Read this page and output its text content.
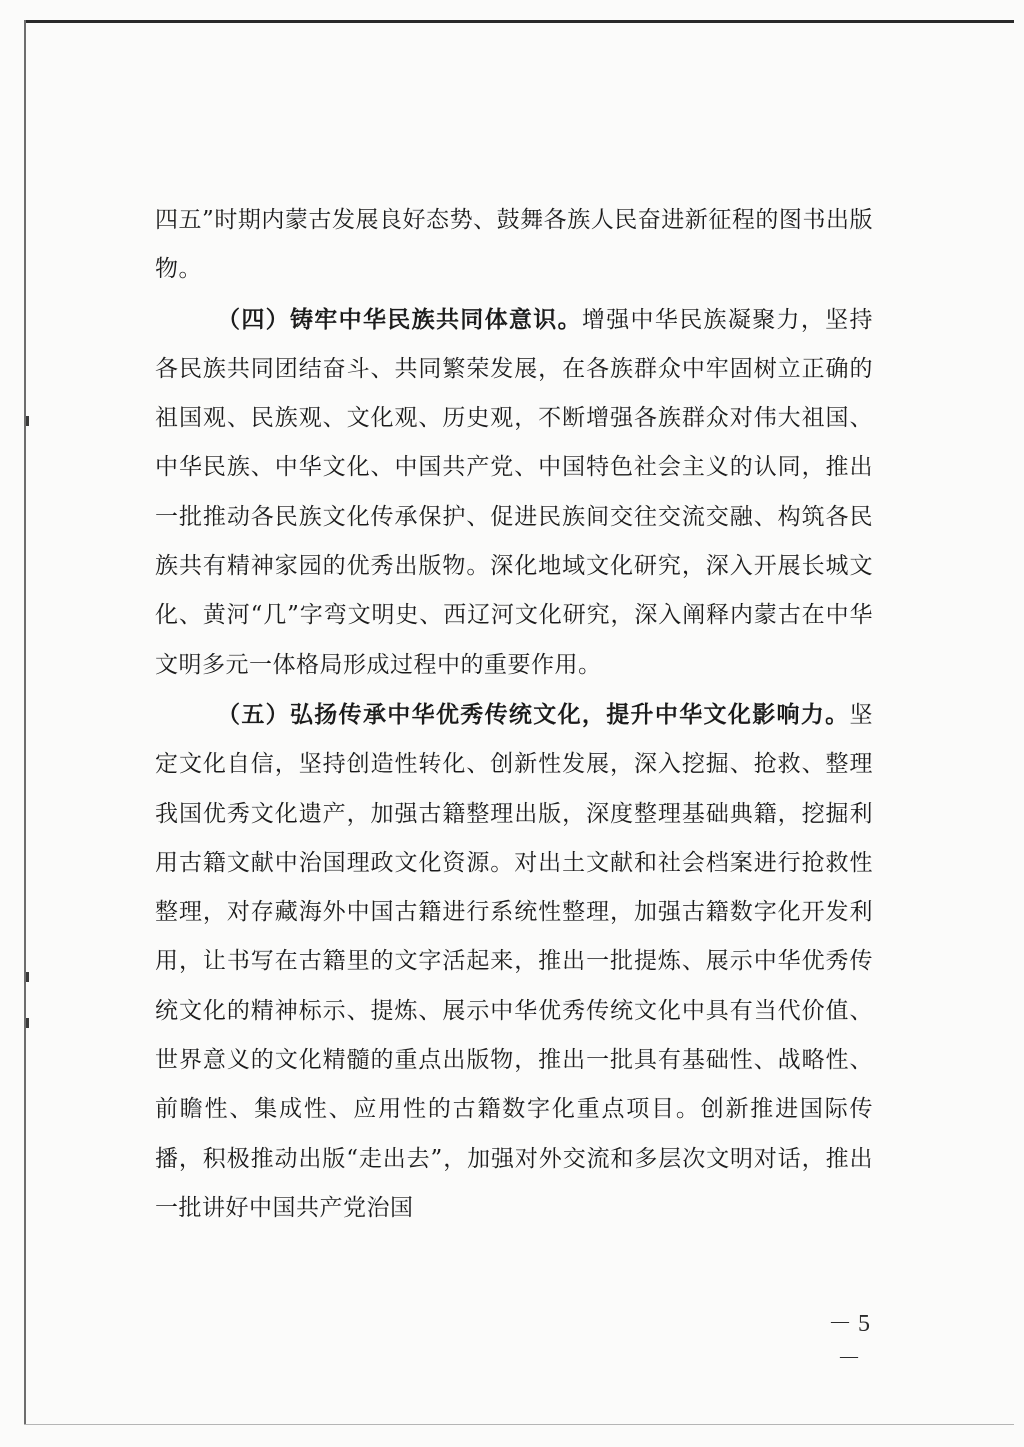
四五”时期内蒙古发展良好态势、鼓舞各族人民奋进新征程的图书出版物。

（四）铸牢中华民族共同体意识。增强中华民族凝聚力，坚持各民族共同团结奋斗、共同繁荣发展，在各族群众中牢固树立正确的祖国观、民族观、文化观、历史观，不断增强各族群众对伟大祖国、中华民族、中华文化、中国共产党、中国特色社会主义的认同，推出一批推动各民族文化传承保护、促进民族间交往交流交融、构筑各民族共有精神家园的优秀出版物。深化地域文化研究，深入开展长城文化、黄河“几”字弯文明史、西辽河文化研究，深入阐释内蒙古在中华文明多元一体格局形成过程中的重要作用。

（五）弘扬传承中华优秀传统文化，提升中华文化影响力。坚定文化自信，坚持创造性转化、创新性发展，深入挖掘、抢救、整理我国优秀文化遗产，加强古籍整理出版，深度整理基础典籍，挖掘利用古籍文献中治国理政文化资源。对出土文献和社会档案进行抢救性整理，对存藏海外中国古籍进行系统性整理，加强古籍数字化开发利用，让书写在古籍里的文字活起来，推出一批提炼、展示中华优秀传统文化的精神标示、提炼、展示中华优秀传统文化中具有当代价值、世界意义的文化精髓的重点出版物，推出一批具有基础性、战略性、前瞻性、集成性、应用性的古籍数字化重点项目。创新推进国际传播，积极推动出版“走出去”，加强对外交流和多层次文明对话，推出一批讲好中国共产党治国

－ 5 －
